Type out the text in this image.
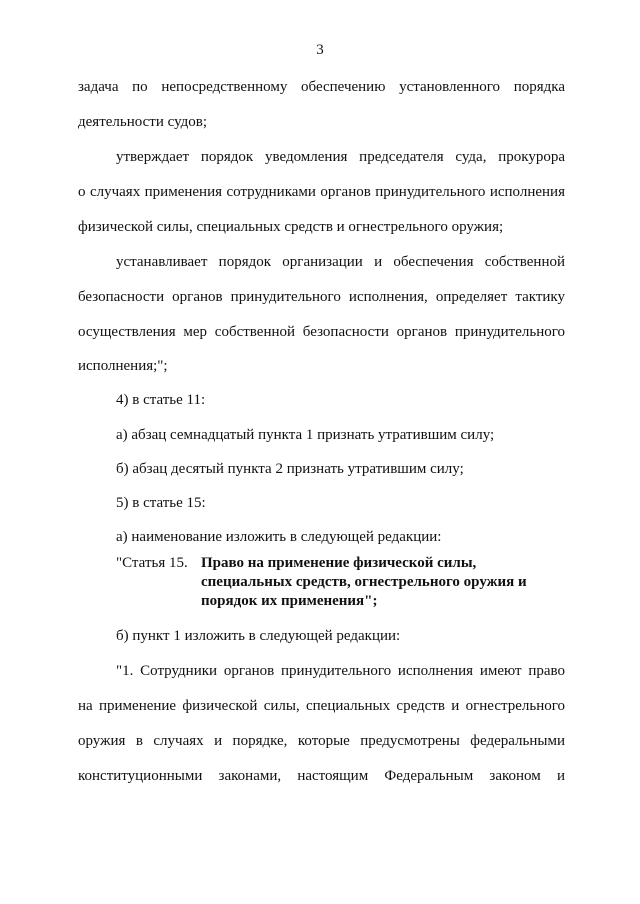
3
задача по непосредственному обеспечению установленного порядка
деятельности судов;
утверждает порядок уведомления председателя суда, прокурора
о случаях применения сотрудниками органов принудительного исполнения
физической силы, специальных средств и огнестрельного оружия;
устанавливает порядок организации и обеспечения собственной
безопасности органов принудительного исполнения, определяет тактику
осуществления мер собственной безопасности органов принудительного
исполнения;";
4) в статье 11:
а) абзац семнадцатый пункта 1 признать утратившим силу;
б) абзац десятый пункта 2 признать утратившим силу;
5) в статье 15:
а) наименование изложить в следующей редакции:
"Статья 15. Право на применение физической силы,
специальных средств, огнестрельного оружия и
порядок их применения";
б) пункт 1 изложить в следующей редакции:
"1. Сотрудники органов принудительного исполнения имеют право
на применение физической силы, специальных средств и огнестрельного
оружия в случаях и порядке, которые предусмотрены федеральными
конституционными законами, настоящим Федеральным законом и
